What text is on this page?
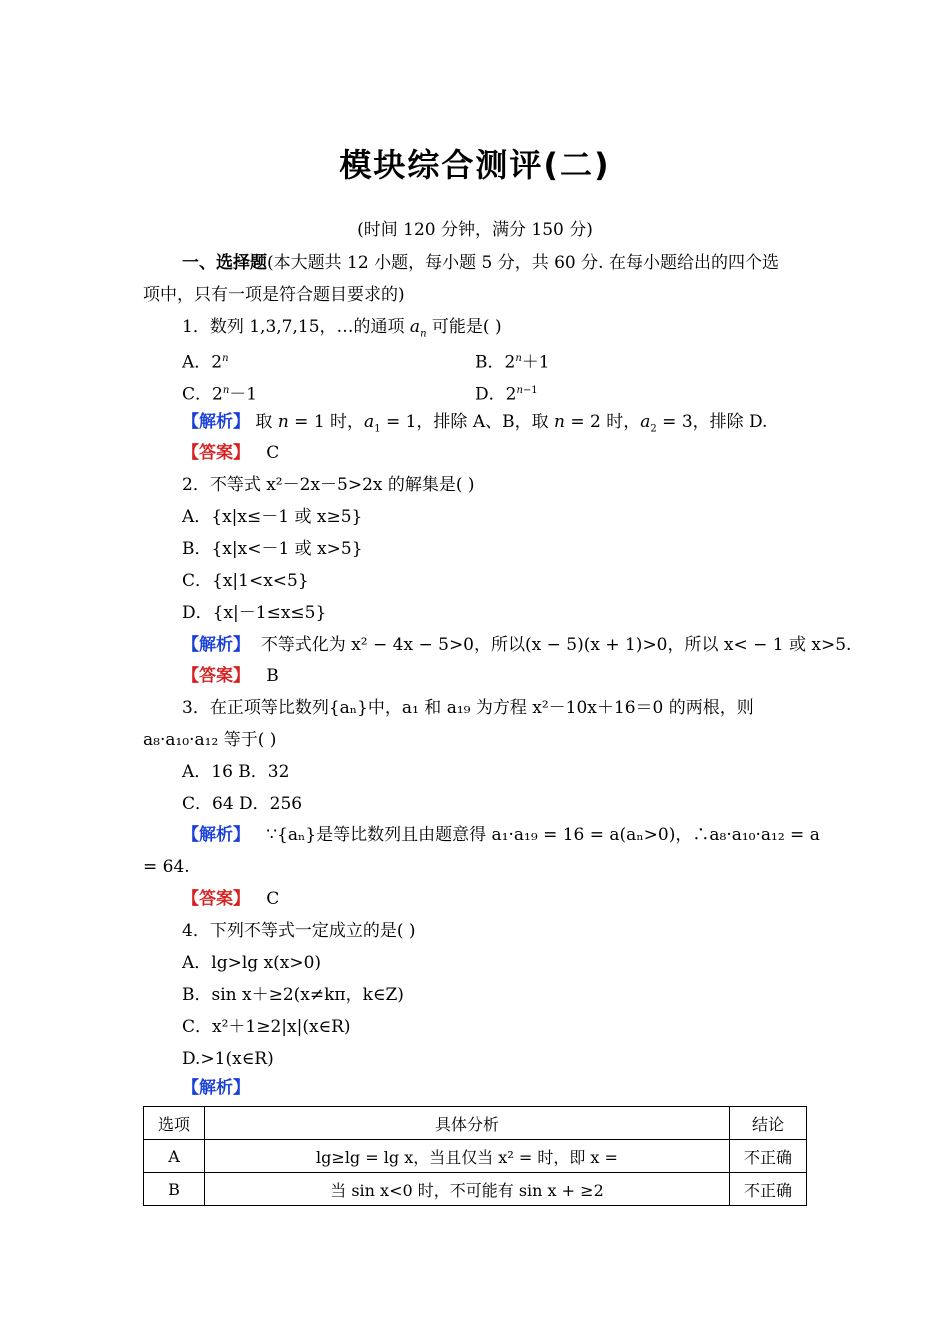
模块综合测评(二)
(时间 120 分钟，满分 150 分)
一、选择题(本大题共 12 小题，每小题 5 分，共 60 分. 在每小题给出的四个选
项中，只有一项是符合题目要求的)
1．数列 1,3,7,15，…的通项 $a_n$ 可能是( )
A．2$^n$	B．$2^n+1$
C．$2^n-1$	D．$2^{n-1}$
【解析】 取 n = 1 时，$a_1 = 1$，排除 A、B，取 n = 2 时，$a_2 = 3$，排除 D.
【答案】 C
2．不等式 x²－2x－5>2x 的解集是( )
A．{x|x≤－1 或 x≥5}
B．{x|x<－1 或 x>5}
C．{x|1<x<5}
D．{x|－1≤x≤5}
【解析】 不等式化为 x² − 4x − 5>0，所以(x − 5)(x + 1)>0，所以 x< − 1 或 x>5.
【答案】 B
3．在正项等比数列{aₙ}中，a₁ 和 a₁₉ 为方程 x²－10x＋16＝0 的两根，则
a₈·a₁₀·a₁₂ 等于( )
A．16 B．32
C．64 D．256
【解析】 ∵{aₙ}是等比数列且由题意得 a₁·a₁₉ = 16 = a(aₙ>0)，∴a₈·a₁₀·a₁₂ = a
= 64.
【答案】 C
4．下列不等式一定成立的是( )
A．lg>lg x(x>0)
B．sin x＋≥2(x≠kπ，k∈Z)
C．x²＋1≥2|x|(x∈R)
D.>1(x∈R)
【解析】
选项	具体分析	结论
A	lg≥lg = lg x，当且仅当 x² = 时，即 x =	不正确
B	当 sin x<0 时，不可能有 sin x + ≥2	不正确
